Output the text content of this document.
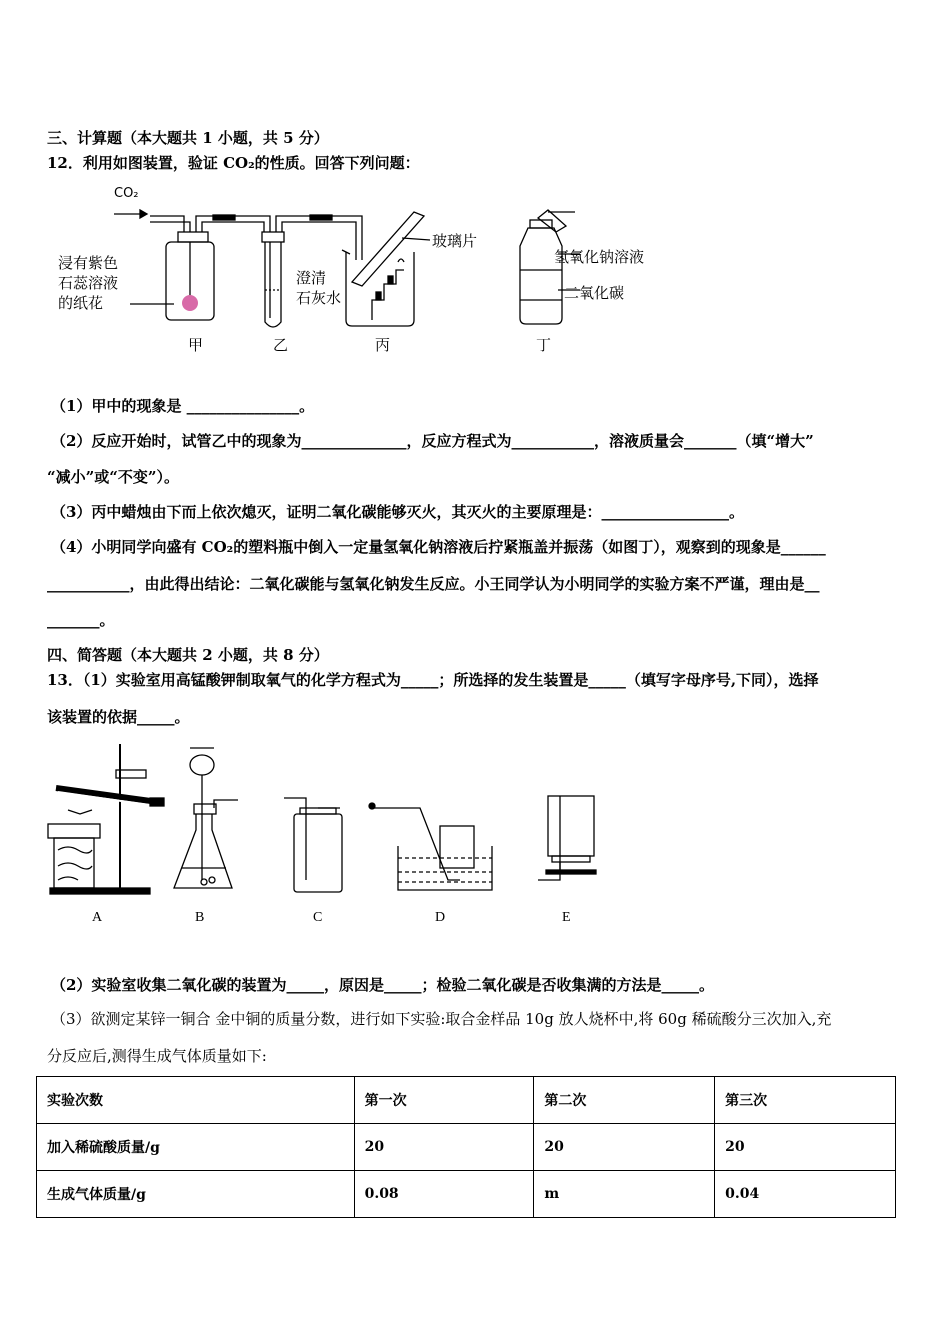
三、计算题（本大题共 1 小题，共 5 分）
12．利用如图装置，验证 CO₂的性质。回答下列问题：
CO₂
浸有紫色
石蕊溶液
的纸花
澄清
石灰水
玻璃片
氢氧化钠溶液
二氧化碳
甲	乙	丙	丁
（1）甲中的现象是 _______________。
（2）反应开始时，试管乙中的现象为______________，反应方程式为___________，溶液质量会_______（填“增大”
“减小”或“不变”）。
（3）丙中蜡烛由下而上依次熄灭，证明二氧化碳能够灭火，其灭火的主要原理是：_________________。
（4）小明同学向盛有 CO₂的塑料瓶中倒入一定量氢氧化钠溶液后拧紧瓶盖并振荡（如图丁），观察到的现象是______
___________，由此得出结论：二氧化碳能与氢氧化钠发生反应。小王同学认为小明同学的实验方案不严谨，理由是__
_______。
四、简答题（本大题共 2 小题，共 8 分）
13．（1）实验室用高锰酸钾制取氧气的化学方程式为_____；所选择的发生装置是_____（填写字母序号,下同），选择
该装置的依据_____。
A	B	C	D	E
（2）实验室收集二氧化碳的装置为_____，原因是_____；检验二氧化碳是否收集满的方法是_____。
（3）欲测定某锌一铜合 金中铜的质量分数，进行如下实验:取合金样品 10g 放人烧杯中,将 60g 稀硫酸分三次加入,充
分反应后,测得生成气体质量如下:
实验次数	第一次	第二次	第三次
加入稀硫酸质量/g	20	20	20
生成气体质量/g	0.08	m	0.04
